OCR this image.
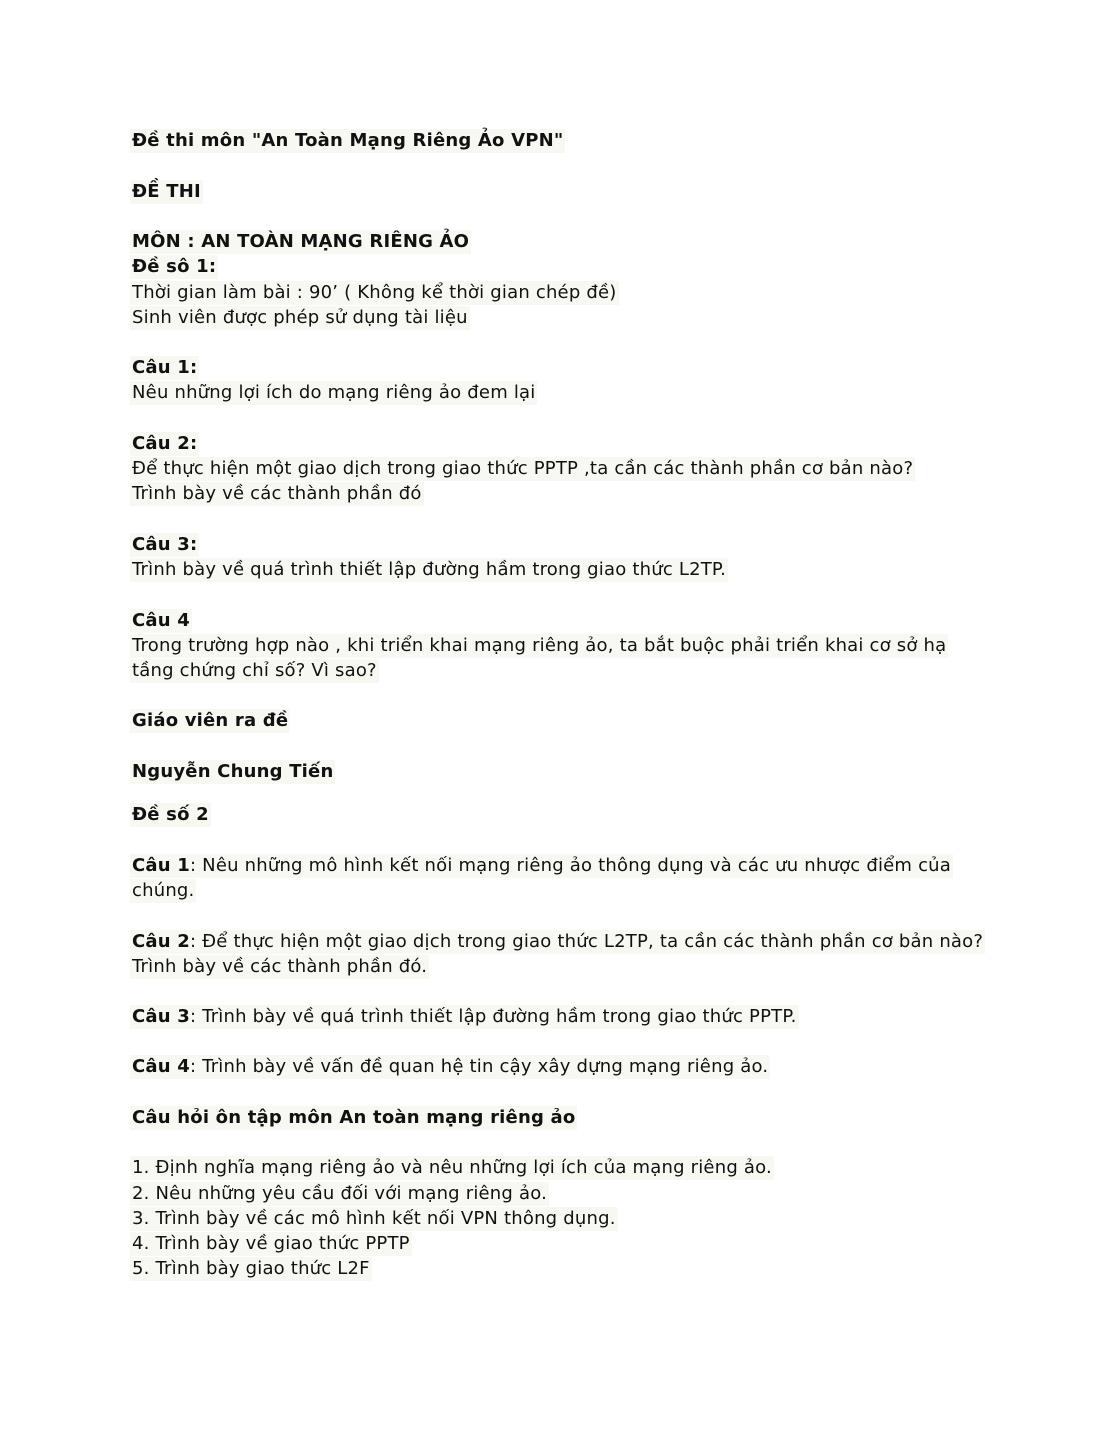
Đề thi môn "An Toàn Mạng Riêng Ảo VPN"
ĐỀ THI
MÔN : AN TOÀN MẠNG RIÊNG ẢO
Đề sô 1:
Thời gian làm bài : 90’ ( Không kể thời gian chép đề)
Sinh viên được phép sử dụng tài liệu
Câu 1:
Nêu những lợi ích do mạng riêng ảo đem lại
Câu 2:
Để thực hiện một giao dịch trong giao thức PPTP ,ta cần các thành phần cơ bản nào?
Trình bày về các thành phần đó
Câu 3:
Trình bày về quá trình thiết lập đường hầm trong giao thức L2TP.
Câu 4
Trong trường hợp nào , khi triển khai mạng riêng ảo, ta bắt buộc phải triển khai cơ sở hạ
tầng chứng chỉ số? Vì sao?
Giáo viên ra đề
Nguyễn Chung Tiến
Đề số 2
Câu 1: Nêu những mô hình kết nối mạng riêng ảo thông dụng và các ưu nhược điểm của
chúng.
Câu 2: Để thực hiện một giao dịch trong giao thức L2TP, ta cần các thành phần cơ bản nào?
Trình bày về các thành phần đó.
Câu 3: Trình bày về quá trình thiết lập đường hầm trong giao thức PPTP.
Câu 4: Trình bày về vấn đề quan hệ tin cậy xây dựng mạng riêng ảo.
Câu hỏi ôn tập môn An toàn mạng riêng ảo
1. Định nghĩa mạng riêng ảo và nêu những lợi ích của mạng riêng ảo.
2. Nêu những yêu cầu đối với mạng riêng ảo.
3. Trình bày về các mô hình kết nối VPN thông dụng.
4. Trình bày về giao thức PPTP
5. Trình bày giao thức L2F
